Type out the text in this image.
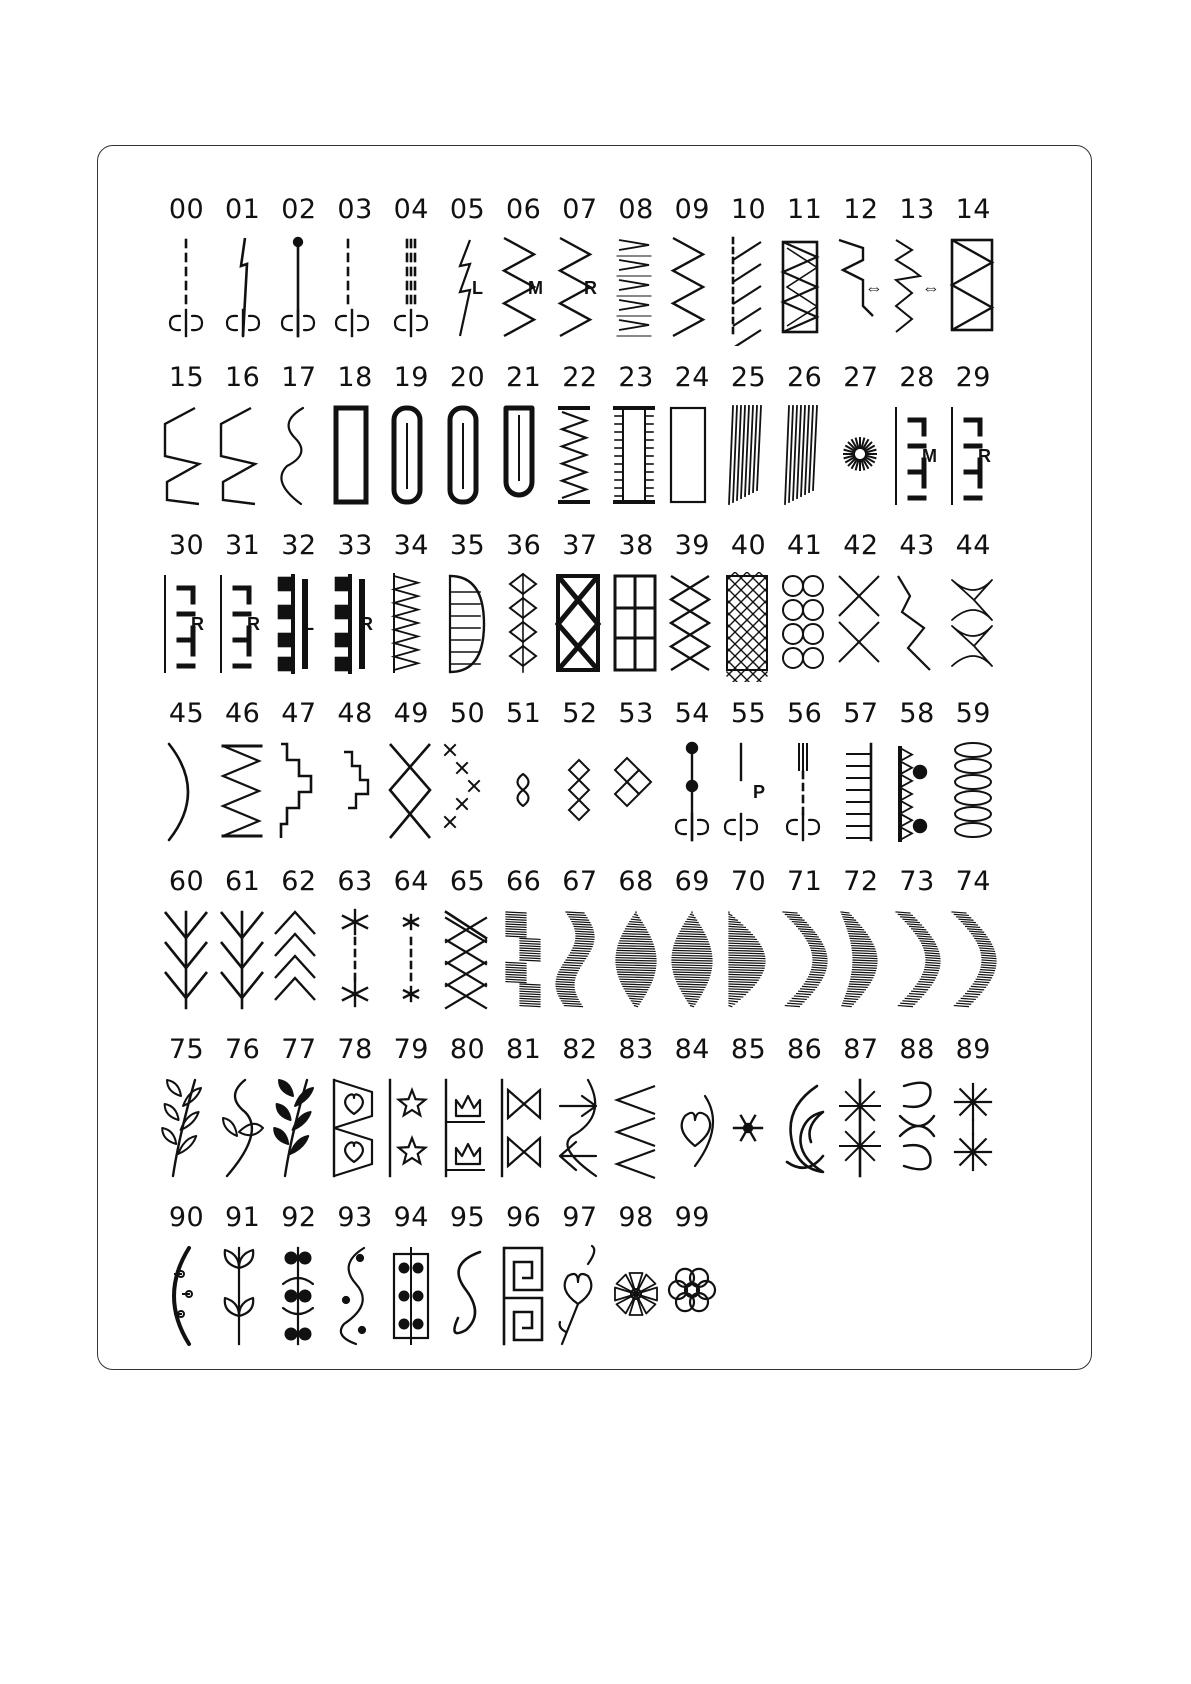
00 01 02 03 04 05
L
06
M
07
R
08 09 10 11 12
⇔
13
⇔
14
15 16 17 18 19 20 21 22 23 24 25 26 27 28
M
29
R
30
R
31
R
32
L
33
R
34 35 36 37 38 39 40 41 42 43 44
45 46 47 48 49 50 51 52 53 54 55
P
56 57 58 59
60 61 62 63 64 65 66 67 68 69 70 71 72 73 74
75 76 77 78 79 80 81 82 83 84 85 86 87 88 89
90 91 92 93 94 95 96 97 98 99
